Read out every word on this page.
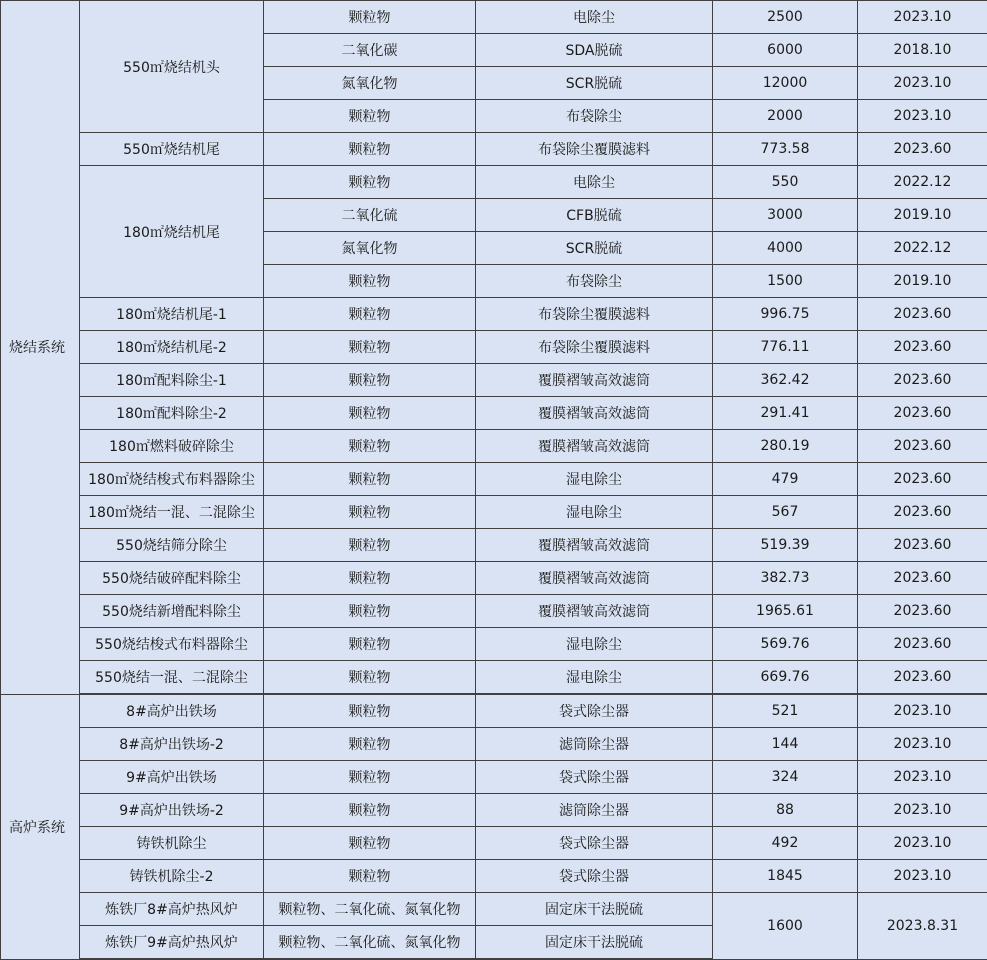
烧结系统	550㎡烧结机头	颗粒物	电除尘	2500	2023.10
		二氧化碳	SDA脱硫	6000	2018.10
		氮氧化物	SCR脱硫	12000	2023.10
		颗粒物	布袋除尘	2000	2023.10
	550㎡烧结机尾	颗粒物	布袋除尘覆膜滤料	773.58	2023.60
	180㎡烧结机尾	颗粒物	电除尘	550	2022.12
		二氧化硫	CFB脱硫	3000	2019.10
		氮氧化物	SCR脱硫	4000	2022.12
		颗粒物	布袋除尘	1500	2019.10
	180㎡烧结机尾-1	颗粒物	布袋除尘覆膜滤料	996.75	2023.60
	180㎡烧结机尾-2	颗粒物	布袋除尘覆膜滤料	776.11	2023.60
	180㎡配料除尘-1	颗粒物	覆膜褶皱高效滤筒	362.42	2023.60
	180㎡配料除尘-2	颗粒物	覆膜褶皱高效滤筒	291.41	2023.60
	180㎡燃料破碎除尘	颗粒物	覆膜褶皱高效滤筒	280.19	2023.60
	180㎡烧结梭式布料器除尘	颗粒物	湿电除尘	479	2023.60
	180㎡烧结一混、二混除尘	颗粒物	湿电除尘	567	2023.60
	550烧结筛分除尘	颗粒物	覆膜褶皱高效滤筒	519.39	2023.60
	550烧结破碎配料除尘	颗粒物	覆膜褶皱高效滤筒	382.73	2023.60
	550烧结新增配料除尘	颗粒物	覆膜褶皱高效滤筒	1965.61	2023.60
	550烧结梭式布料器除尘	颗粒物	湿电除尘	569.76	2023.60
	550烧结一混、二混除尘	颗粒物	湿电除尘	669.76	2023.60
高炉系统	8#高炉出铁场	颗粒物	袋式除尘器	521	2023.10
	8#高炉出铁场-2	颗粒物	滤筒除尘器	144	2023.10
	9#高炉出铁场	颗粒物	袋式除尘器	324	2023.10
	9#高炉出铁场-2	颗粒物	滤筒除尘器	88	2023.10
	铸铁机除尘	颗粒物	袋式除尘器	492	2023.10
	铸铁机除尘-2	颗粒物	袋式除尘器	1845	2023.10
	炼铁厂8#高炉热风炉	颗粒物、二氧化硫、氮氧化物	固定床干法脱硫	1600	2023.8.31
	炼铁厂9#高炉热风炉	颗粒物、二氧化硫、氮氧化物	固定床干法脱硫		
